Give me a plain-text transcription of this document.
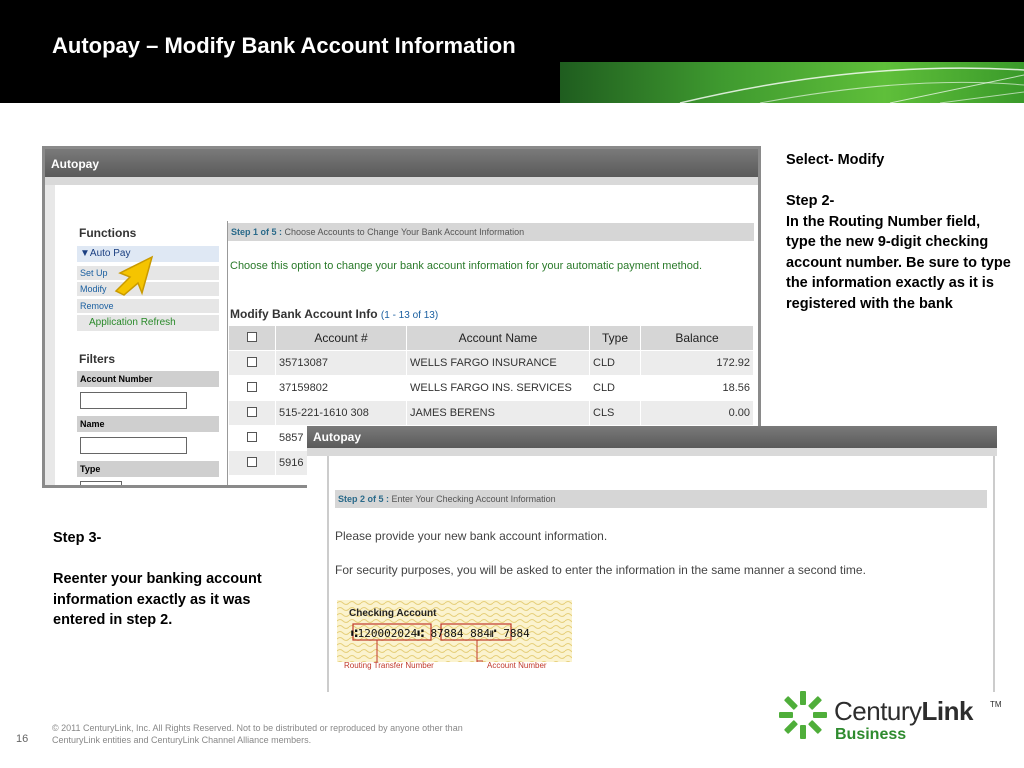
Autopay – Modify Bank Account Information
Autopay
Functions
▼Auto Pay
Set Up
Modify
Remove
Application Refresh
Filters
Account Number
Name
Type
Step 1 of 5 : Choose Accounts to Change Your Bank Account Information
Choose this option to change your bank account information for your automatic payment method.
Modify Bank Account Info (1 - 13 of 13)
	Account #	Account Name	Type	Balance
	35713087	WELLS FARGO INSURANCE	CLD	172.92
	37159802	WELLS FARGO INS. SERVICES	CLD	18.56
	515-221-1610 308	JAMES BERENS	CLS	0.00
	5857			
	5916			

Select- Modify

Step 2-
In the Routing Number field, type the new 9-digit checking account number. Be sure to type the information exactly as it is registered with the bank
Autopay
Step 2 of 5 : Enter Your Checking Account Information
Please provide your new bank account information.
For security purposes, you will be asked to enter the information in the same manner a second time.
Checking Account
⑆120002024⑆ 87884 884⑈ 7884
Routing Transfer Number	Account Number

Step 3-

Reenter your banking account information exactly as it was entered in step 2.
16
© 2011 CenturyLink, Inc. All Rights Reserved. Not to be distributed or reproduced by anyone other than
CenturyLink entities and CenturyLink Channel Alliance members.
CenturyLink TM
Business
